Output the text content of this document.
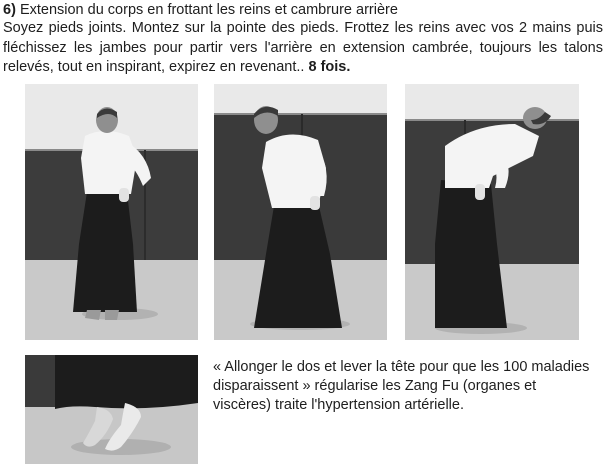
6) Extension du corps en frottant les reins et cambrure arrière
Soyez pieds joints. Montez sur la pointe des pieds. Frottez les reins avec vos 2 mains puis fléchissez les jambes pour partir vers l'arrière en extension cambrée, toujours les talons relevés, tout en inspirant, expirez en revenant.. 8 fois.
« Allonger le dos et lever la tête pour que les 100 maladies disparaissent » régularise les Zang Fu (organes et viscères) traite l'hypertension artérielle.
